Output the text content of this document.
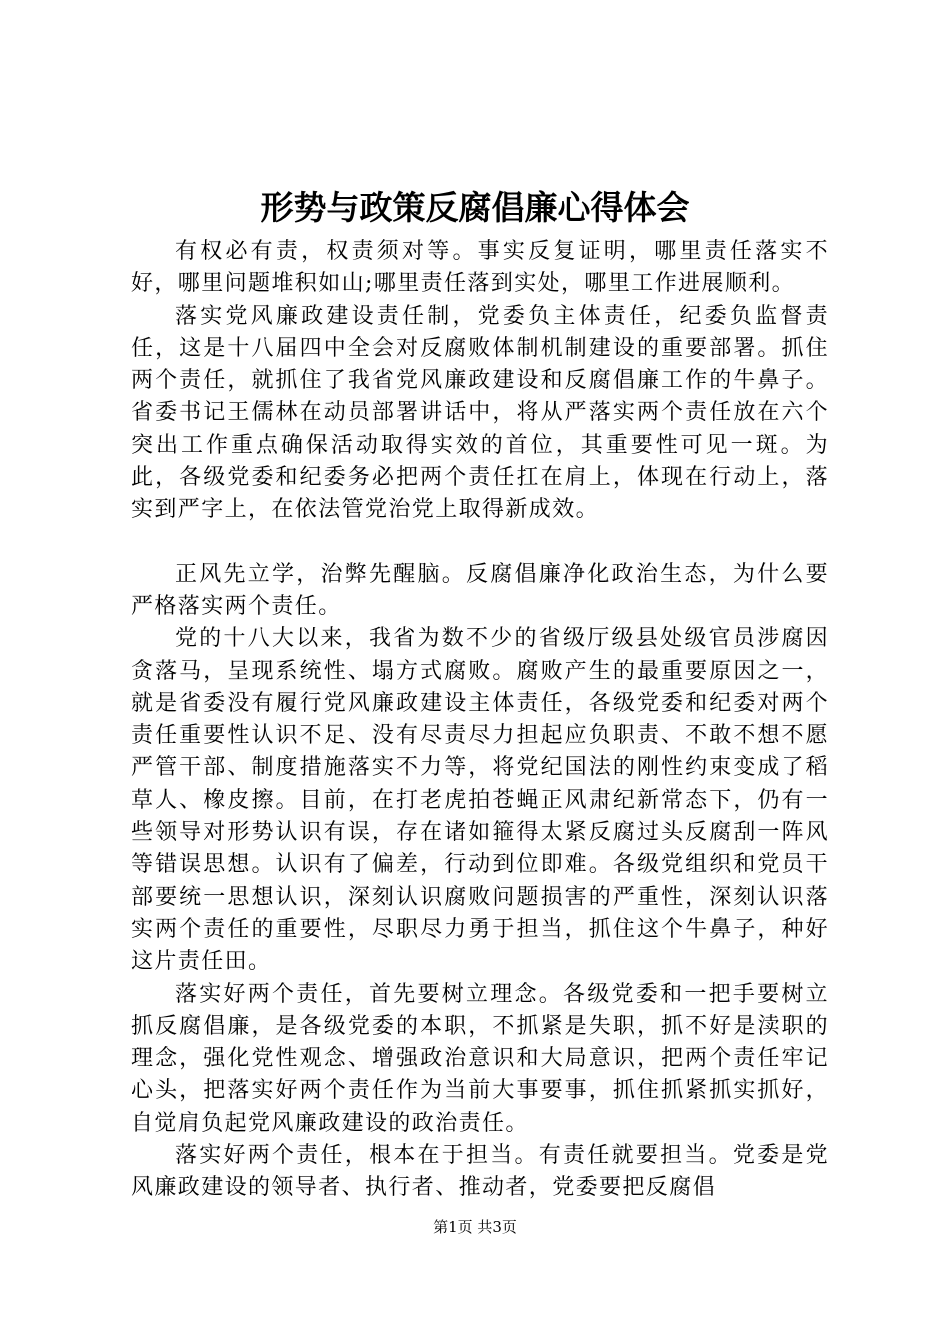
形势与政策反腐倡廉心得体会

有权必有责，权责须对等。事实反复证明，哪里责任落实不好，哪里问题堆积如山;哪里责任落到实处，哪里工作进展顺利。

落实党风廉政建设责任制，党委负主体责任，纪委负监督责任，这是十八届四中全会对反腐败体制机制建设的重要部署。抓住两个责任，就抓住了我省党风廉政建设和反腐倡廉工作的牛鼻子。省委书记王儒林在动员部署讲话中，将从严落实两个责任放在六个突出工作重点确保活动取得实效的首位，其重要性可见一斑。为此，各级党委和纪委务必把两个责任扛在肩上，体现在行动上，落实到严字上，在依法管党治党上取得新成效。

正风先立学，治弊先醒脑。反腐倡廉净化政治生态，为什么要严格落实两个责任。

党的十八大以来，我省为数不少的省级厅级县处级官员涉腐因贪落马，呈现系统性、塌方式腐败。腐败产生的最重要原因之一，就是省委没有履行党风廉政建设主体责任，各级党委和纪委对两个责任重要性认识不足、没有尽责尽力担起应负职责、不敢不想不愿严管干部、制度措施落实不力等，将党纪国法的刚性约束变成了稻草人、橡皮擦。目前，在打老虎拍苍蝇正风肃纪新常态下，仍有一些领导对形势认识有误，存在诸如箍得太紧反腐过头反腐刮一阵风等错误思想。认识有了偏差，行动到位即难。各级党组织和党员干部要统一思想认识，深刻认识腐败问题损害的严重性，深刻认识落实两个责任的重要性，尽职尽力勇于担当，抓住这个牛鼻子，种好这片责任田。

落实好两个责任，首先要树立理念。各级党委和一把手要树立抓反腐倡廉，是各级党委的本职，不抓紧是失职，抓不好是渎职的理念，强化党性观念、增强政治意识和大局意识，把两个责任牢记心头，把落实好两个责任作为当前大事要事，抓住抓紧抓实抓好，自觉肩负起党风廉政建设的政治责任。

落实好两个责任，根本在于担当。有责任就要担当。党委是党风廉政建设的领导者、执行者、推动者，党委要把反腐倡

第1页 共3页
